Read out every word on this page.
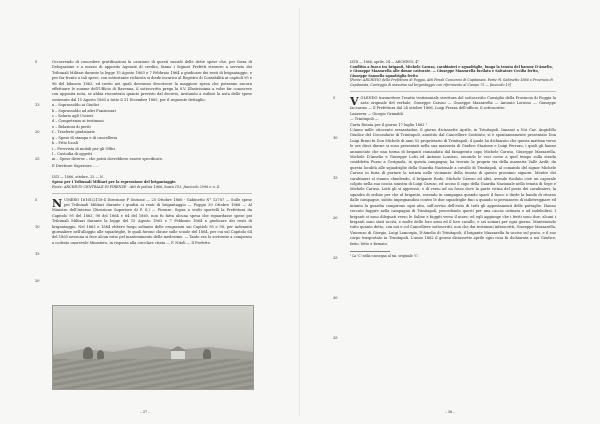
5	Occorrendo di concedere gratificazioni la cauzione di questi sussidi delle dette spese che, per forza di Delegazione e a mezzo di apposito Agenzie di credito, fanno i Signori Prefetti stessero a servizio dei Tribunali Militari durante la legge 15 Agosto 1863 e 7 Febbraio 1864 a giudicare dei reati di brigantaggio, e per far fronte a tali spese, con sottostante richiesta si diede incarico al Registro di Contabilità ai capitoli 95 e 96 del bilancio 1863, ed invito nei quali dovranno descrivere la maggiore spesa che potranno ancora effettuare le somme dell'Ufficio di Ravenna, il sottoscritto prega la S.V. Illustrissima a voler far conoscere con apposita nota, se abbia riscontrato quanto previsto dal decreto, invitando a esibire la nota delle spese sostenute dal 15 Agosto 1863 a tutto il 31 Dicembre 1865, per il seguente dettaglio:

13	a – Soprassoldo ai Giudici
b – Soprassoldo ad altri Funzionari
c – Salario agli Uscieri
d – Competenza ai testimoni
e – Relazioni di periti
20	f – Trasferte giudiziarie
g – Spese di stampa e di cancelleria
h – Fitto locali
i – Provvista di mobili per gli Uffici
l – Custodia di oggetti
25	m – Spese diverse – che potrà dovrebbero essere specificate.

Il Direttore Superiore ......

LVII — 1866, ottobre, 25 — N.

Spese per i Tribunali Militari per la repressione del brigantaggio

Fonte: ARCHIVIO CENTRALE DI FIRENZE - Atti di polizia 1866, busta 153, fascicolo 2096 e n. 4.

5
10
15
20
N UMERO 16161/2118-4 Direzione F Sezione — 25 Ottobre 1866 - Gabinetto N° 12787 — Sulle spese pei Tribunali Militari durante i giudizi ai reati di brigantaggio — Foggia 30 Ottobre 1866 — Al Ministro dell'Interno (Direzione Superiore di P. S.) — Firenze. Sopra a svolti sportelli la Prefettura da Capitolo 95 del 1863, 98 del 1864 e 64 del 1865, non fu fatta alcuna spesa che riguardasse spese pei Tribunali Militari durante la legge del 15 Agosto 1863 e 7 Febbraio 1864 a giudicare dei reati di brigantaggio. Nel 1863 e 1864 ebbero luogo soltanto delle erogazioni sui Capitoli 95 e 98, per indennità giornaliere nell'alloggio alle squadriglie, le quali furono chiuse sulle scuole del 1864, per cui sul Capitolo 64 del 1865 nessuna si fece alcun esito pel mantenimento delle medesime. — Tanto era lo scrivente a compenso a codesto onorevole Ministero, in risposta alla circolare citata — F. Nitoli — Il Prefetto

– 37 –

LVIII — 1866, aprile, 24 — ARCHIVIO, 4°

Conflitto a fuoco tra briganti, Michele Caruso, carabinieri e squadriglie, lungo la tenuta del barone D'Amelio, e Giuseppe Mazzarella alle donne catturate. — Giuseppe Mazzarella fucilato e Salvatore Cecilia ferito, Giuseppe Sannella squadriglia ferito

[Fonte: ARCHIVIO della Prefettura di Foggia, Atti Penali Consorzio di Capitanata. Parte 91 Gabinetto 1866 o Provincia di Capitanata, Carteggio di massima sul brigantaggio con riferimento al Campo 75 — fascicolo 10]

5
10
15
20
25
30
35
V OLENDO trasmettere l'esatto testimoniale struttura del sottoscritto Consiglio della Provincia di Foggia la nota originale del verbale, Giuseppe Caruso — Giuseppe Mazzarella — Antonio Lorusso — Giuseppe Iaccarino — Il Prefettura dal 24 ottobre 1866, Luigi Frezza dell'ufficio, il sottoscritto.

Lanzerra — Giorgio Grimaldi

— Trinitapoli —

Carta Rotata per il giorno 17 luglio 1862 ¹

L'Anno mille ottocento sessantadue, il giorno diciassette Aprile, in Trinitapoli. Innanzi a Noi Cav. Angiolillo Giudice del Circondario di Trinitapoli, assistito dal Cancelliere Sostituto, si è spontaneamente presentato Don Luigi Bruni fu Don Michele di anni 52 proprietario di Trinitapoli, il quale ha dichiarato che questa mattina verso le ore dieci diurne si sono presentati nella sua masseria di Giudice Stazione e Luigi Ferraro, i quali gli hanno annunciato che una torma di briganti comandata dal famigerato capo Michele Caruso, Giuseppe Mazzarella, Michele D'Amelio e Giuseppe Lotti ed Antonio Lorusso, secondo le voci corse a quel tempo sulla strada cosiddetta Puzzo a Cerignola, in questa campagna; ha trovato la propria via della masseria Valle Ardit, da questa località alle squadriglie della Guardia Nazionale a cavallo di Trinitapoli, al comando del signor Michele Caruso in furia di portare la notizia nelle vicinanze della tenuta di questo prossimo signore. Mentre dei carabinieri si stanno chiudendo, il brigante Rodo, Michele Caruso ed altri, avendo fucilato cioè un caporale colpito nella sua coscia sinistra di Luigi Caruso, ed ucciso il capo della Guardia Nazionale nella tenuta di Sepe e Michele Caruso. Lotti gli si appressò, e di verso ad un fosso dove la parte vicina del posto dei carabinieri, la squadra di ordine per che al brigante, essendo in campagna quando sparò il fuoco e diede la banda di ritorno dalle campagne, subito impegnandosi contro le due squadriglie fino a quando si persuasero di indietreggiare ed intanto la guardia compirono ogni atto, sull'avviso dell'esito di tutti gli appostamenti delle pattuglie. Hanno cercato fuggire nella campagna di Trinitapoli, procedendo questi per una caccia ostinata e ad indebolirsi. I briganti si sono dileguati verso le Saline e fuggiti verso il mare; ed egli aggiunge che i feriti sono due: alcuni i briganti sono stati uccisi, e molte delle loro armi ed il loro cavallo, e sei somari per ogni giorno. Mantenendo tutto quanto detto, con noi e col Cancelliere sottoscritti, non che dai testimoni infrascritti, Giuseppe Mazzarella, Vincenzo di Giorgio, Luigi Lamorgia, D'Amelio di Trinitapoli, il brigante Mazzarella fu ucciso sul posto, e il suo corpo trasportato in Trinitapoli. L'anno 1862 il giorno diciassette aprile ogni cosa fu dichiarata a noi Giudice, fatto, letto e firmato.

¹ La 'C' nella consegna al ms. originale 'C'.

– 38 –
